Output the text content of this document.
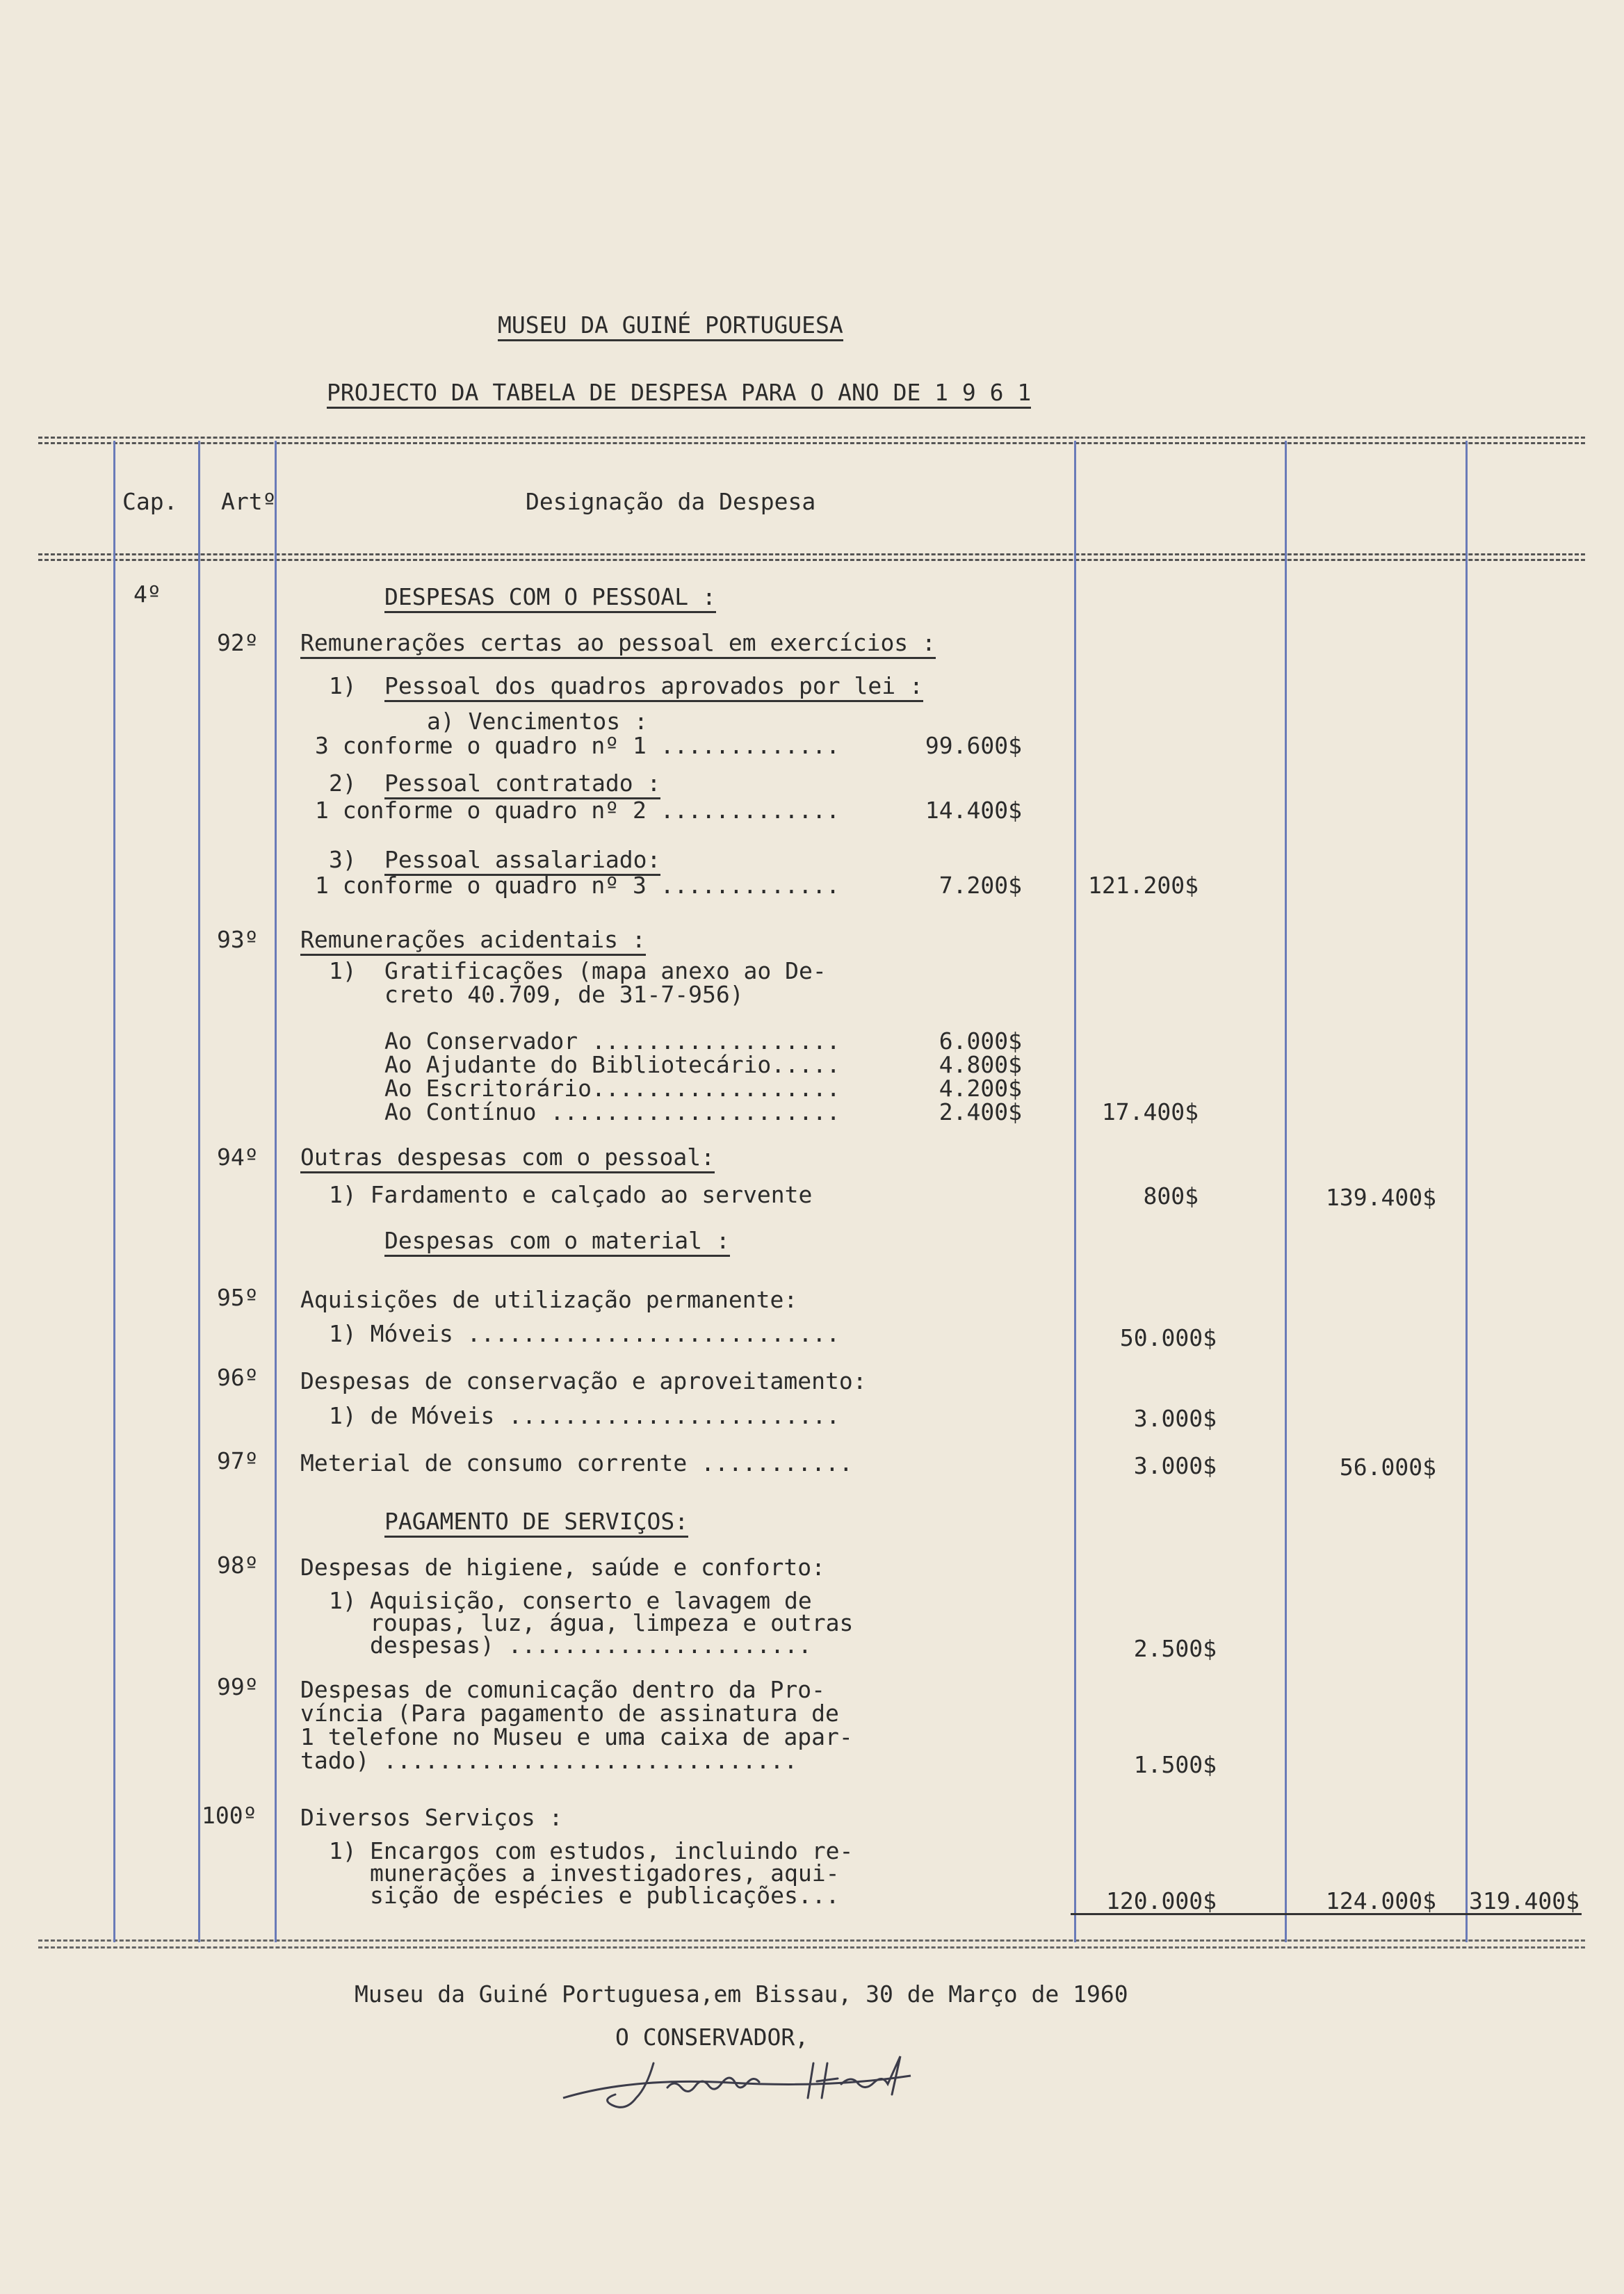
MUSEU DA GUINÉ PORTUGUESA
PROJECTO DA TABELA DE DESPESA PARA O ANO DE 1 9 6 1
Cap. Artº	Designação da Despesa
4º	DESPESAS COM O PESSOAL :
92º Remunerações certas ao pessoal em exercícios :
1) Pessoal dos quadros aprovados por lei :
a) Vencimentos :
3 conforme o quadro nº 1 .............	99.600$
2) Pessoal contratado :
1 conforme o quadro nº 2 .............	14.400$
3) Pessoal assalariado:
1 conforme o quadro nº 3 .............	7.200$	121.200$
93º Remunerações acidentais :
1) Gratificações (mapa anexo ao De-
creto 40.709, de 31-7-956)
Ao Conservador ..................	6.000$
Ao Ajudante do Bibliotecário.....	4.800$
Ao Escritorário..................	4.200$
Ao Contínuo .....................	2.400$	17.400$
94º Outras despesas com o pessoal:
1) Fardamento e calçado ao servente	800$	139.400$
Despesas com o material :
95º Aquisições de utilização permanente:
1) Móveis ...........................	50.000$
96º Despesas de conservação e aproveitamento:
1) de Móveis ........................	3.000$
97º Meterial de consumo corrente ...........	3.000$	56.000$
PAGAMENTO DE SERVIÇOS:
98º Despesas de higiene, saúde e conforto:
1) Aquisição, conserto e lavagem de
roupas, luz, água, limpeza e outras
despesas) ......................	2.500$
99º Despesas de comunicação dentro da Pro-
víncia (Para pagamento de assinatura de
1 telefone no Museu e uma caixa de apar-
tado) ..............................	1.500$
100º Diversos Serviços :
1) Encargos com estudos, incluindo re-
munerações a investigadores, aqui-
sição de espécies e publicações...	120.000$	124.000$ 319.400$
Museu da Guiné Portuguesa,em Bissau, 30 de Março de 1960
O CONSERVADOR,
